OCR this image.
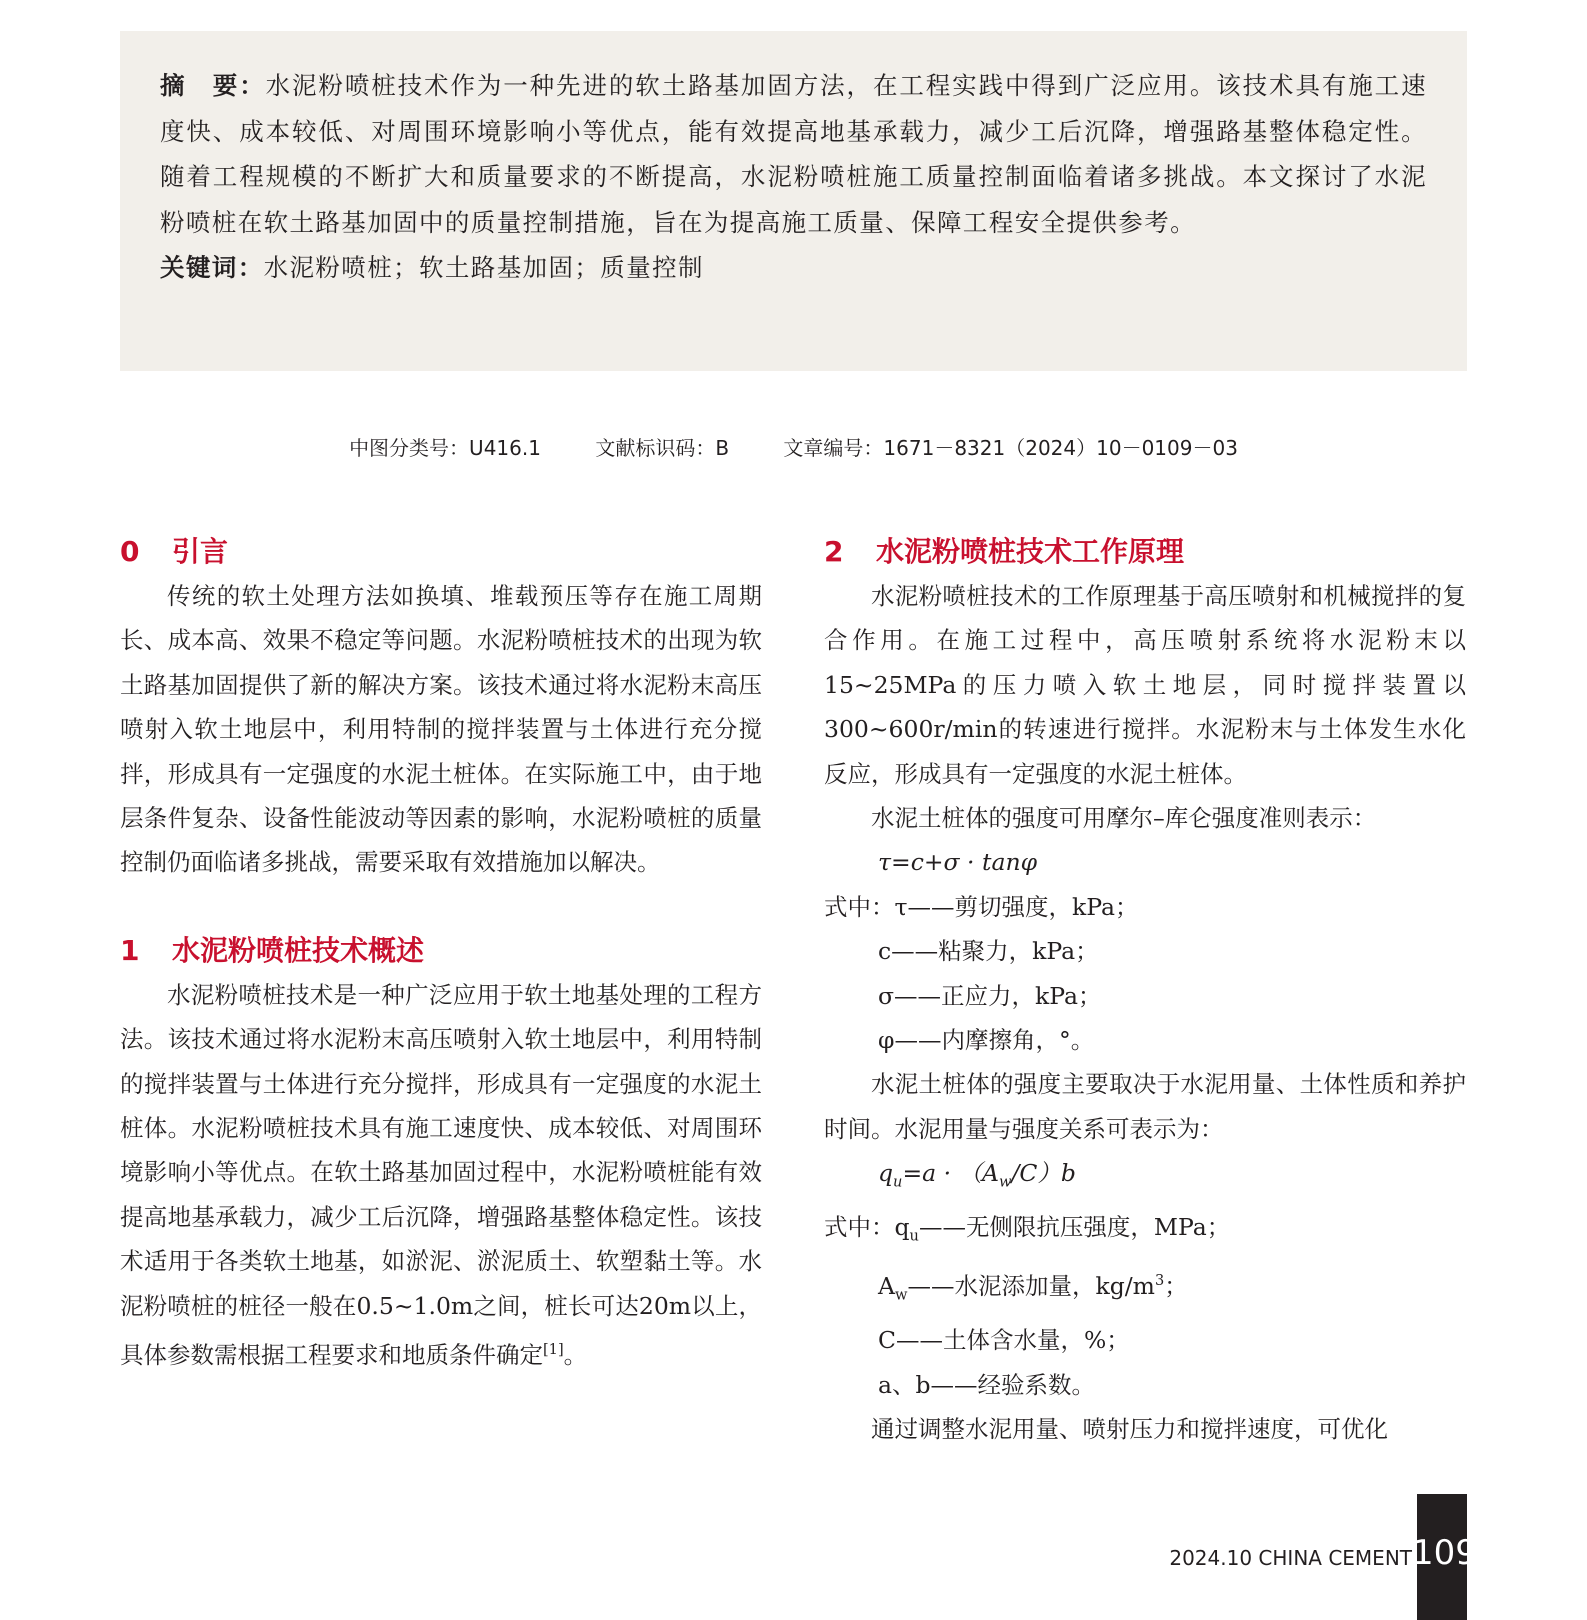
摘　要：水泥粉喷桩技术作为一种先进的软土路基加固方法，在工程实践中得到广泛应用。该技术具有施工速度快、成本较低、对周围环境影响小等优点，能有效提高地基承载力，减少工后沉降，增强路基整体稳定性。随着工程规模的不断扩大和质量要求的不断提高，水泥粉喷桩施工质量控制面临着诸多挑战。本文探讨了水泥粉喷桩在软土路基加固中的质量控制措施，旨在为提高施工质量、保障工程安全提供参考。

关键词：水泥粉喷桩；软土路基加固；质量控制

中图分类号：U416.1	文献标识码：B	文章编号：1671－8321（2024）10－0109－03
0 引言

传统的软土处理方法如换填、堆载预压等存在施工周期长、成本高、效果不稳定等问题。水泥粉喷桩技术的出现为软土路基加固提供了新的解决方案。该技术通过将水泥粉末高压喷射入软土地层中，利用特制的搅拌装置与土体进行充分搅拌，形成具有一定强度的水泥土桩体。在实际施工中，由于地层条件复杂、设备性能波动等因素的影响，水泥粉喷桩的质量控制仍面临诸多挑战，需要采取有效措施加以解决。

1 水泥粉喷桩技术概述

水泥粉喷桩技术是一种广泛应用于软土地基处理的工程方法。该技术通过将水泥粉末高压喷射入软土地层中，利用特制的搅拌装置与土体进行充分搅拌，形成具有一定强度的水泥土桩体。水泥粉喷桩技术具有施工速度快、成本较低、对周围环境影响小等优点。在软土路基加固过程中，水泥粉喷桩能有效提高地基承载力，减少工后沉降，增强路基整体稳定性。该技术适用于各类软土地基，如淤泥、淤泥质土、软塑黏土等。水泥粉喷桩的桩径一般在0.5~1.0m之间，桩长可达20m以上，具体参数需根据工程要求和地质条件确定[1]。

2 水泥粉喷桩技术工作原理

水泥粉喷桩技术的工作原理基于高压喷射和机械搅拌的复合作用。在施工过程中，高压喷射系统将水泥粉末以15~25MPa的压力喷入软土地层，同时搅拌装置以300~600r/min的转速进行搅拌。水泥粉末与土体发生水化反应，形成具有一定强度的水泥土桩体。

水泥土桩体的强度可用摩尔–库仑强度准则表示：

τ=c+σ · tanφ

式中：τ——剪切强度，kPa；

c——粘聚力，kPa；

σ——正应力，kPa；

φ——内摩擦角，°。

水泥土桩体的强度主要取决于水泥用量、土体性质和养护时间。水泥用量与强度关系可表示为：

$q_u=a \cdot (A_w/C)b$

式中：$q_u——$无侧限抗压强度，MPa；

$A_w——$水泥添加量，$kg/m^3$；

C——土体含水量，%；

a、b——经验系数。

通过调整水泥用量、喷射压力和搅拌速度，可优化

2024.10 CHINA CEMENT 109
